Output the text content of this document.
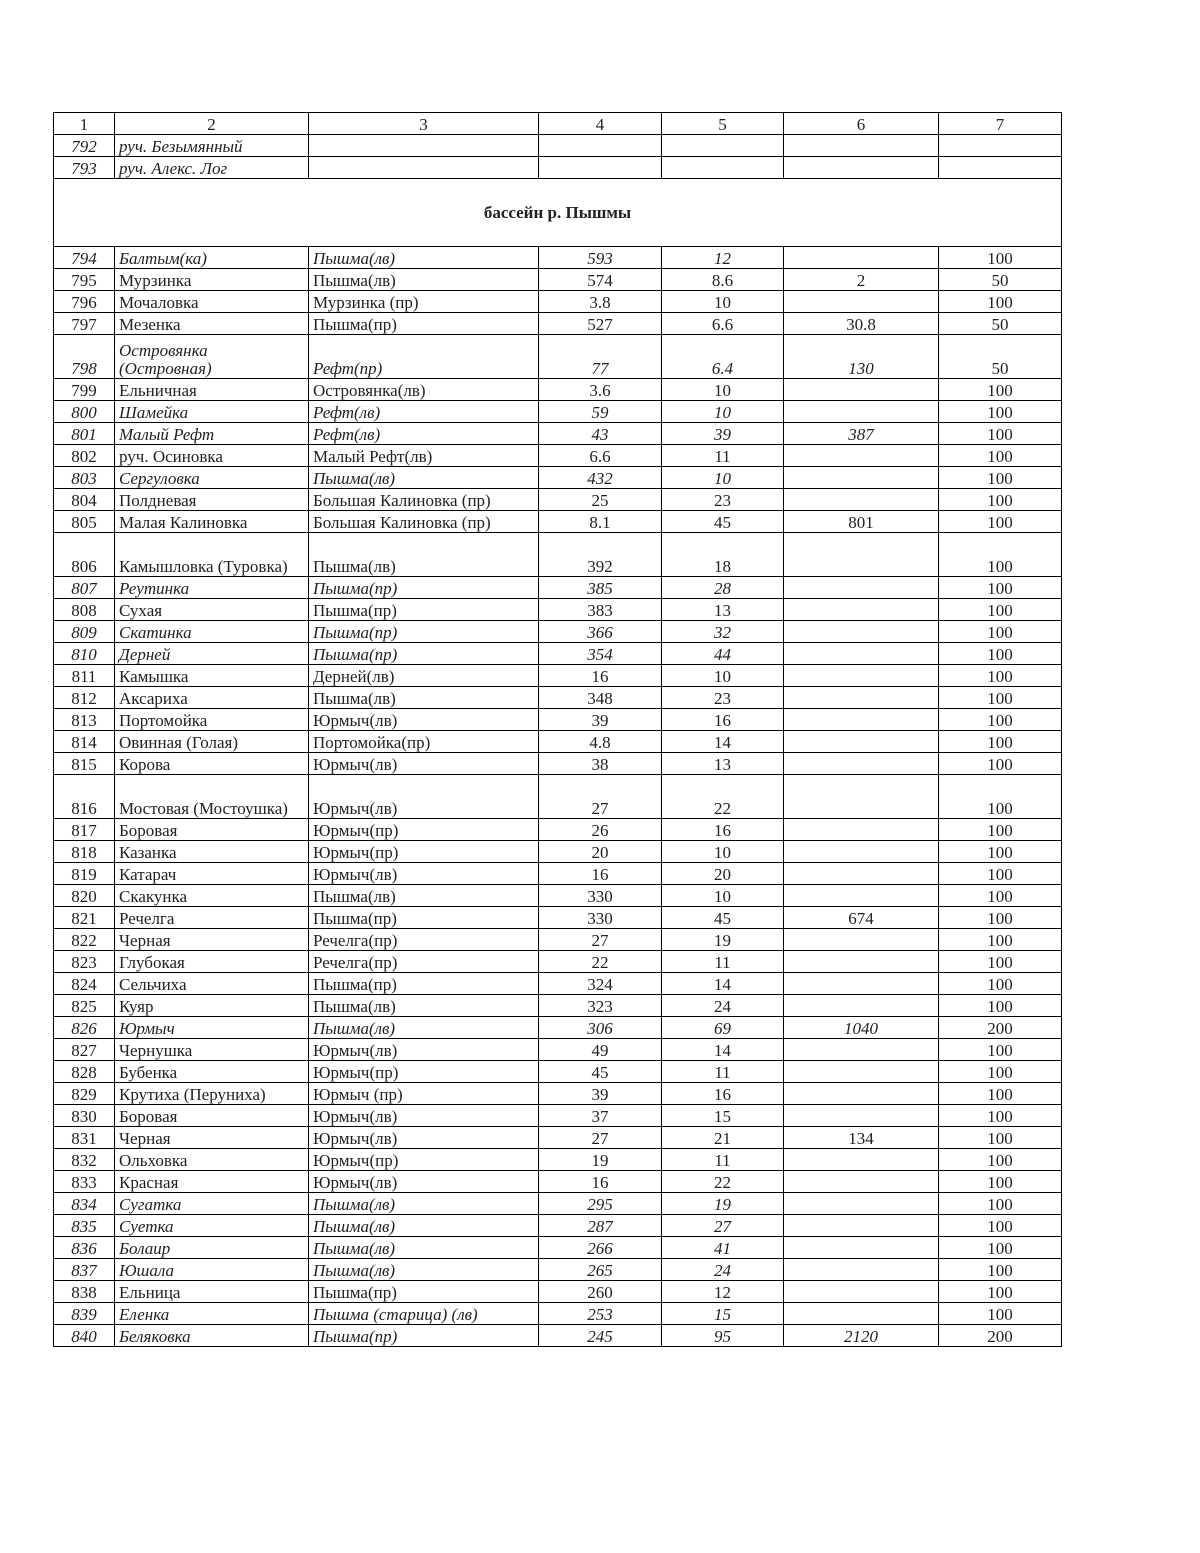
1	2	3	4	5	6	7
792	руч. Безымянный					
793	руч. Алекс. Лог					
бассейн р. Пышмы						
794	Балтым(ка)	Пышма(лв)	593	12		100
795	Мурзинка	Пышма(лв)	574	8.6	2	50
796	Мочаловка	Мурзинка (пр)	3.8	10		100
797	Мезенка	Пышма(пр)	527	6.6	30.8	50
798	Островянка (Островная)	Рефт(пр)	77	6.4	130	50
799	Ельничная	Островянка(лв)	3.6	10		100
800	Шамейка	Рефт(лв)	59	10		100
801	Малый Рефт	Рефт(лв)	43	39	387	100
802	руч. Осиновка	Малый Рефт(лв)	6.6	11		100
803	Сергуловка	Пышма(лв)	432	10		100
804	Полдневая	Большая Калиновка (пр)	25	23		100
805	Малая Калиновка	Большая Калиновка (пр)	8.1	45	801	100
806	Камышловка (Туровка)	Пышма(лв)	392	18		100
807	Реутинка	Пышма(пр)	385	28		100
808	Сухая	Пышма(пр)	383	13		100
809	Скатинка	Пышма(пр)	366	32		100
810	Дерней	Пышма(пр)	354	44		100
811	Камышка	Дерней(лв)	16	10		100
812	Аксариха	Пышма(лв)	348	23		100
813	Портомойка	Юрмыч(лв)	39	16		100
814	Овинная (Голая)	Портомойка(пр)	4.8	14		100
815	Корова	Юрмыч(лв)	38	13		100
816	Мостовая (Мостоушка)	Юрмыч(лв)	27	22		100
817	Боровая	Юрмыч(пр)	26	16		100
818	Казанка	Юрмыч(пр)	20	10		100
819	Катарач	Юрмыч(лв)	16	20		100
820	Скакунка	Пышма(лв)	330	10		100
821	Речелга	Пышма(пр)	330	45	674	100
822	Черная	Речелга(пр)	27	19		100
823	Глубокая	Речелга(пр)	22	11		100
824	Сельчиха	Пышма(пр)	324	14		100
825	Куяр	Пышма(лв)	323	24		100
826	Юрмыч	Пышма(лв)	306	69	1040	200
827	Чернушка	Юрмыч(лв)	49	14		100
828	Бубенка	Юрмыч(пр)	45	11		100
829	Крутиха (Перуниха)	Юрмыч (пр)	39	16		100
830	Боровая	Юрмыч(лв)	37	15		100
831	Черная	Юрмыч(лв)	27	21	134	100
832	Ольховка	Юрмыч(пр)	19	11		100
833	Красная	Юрмыч(лв)	16	22		100
834	Сугатка	Пышма(лв)	295	19		100
835	Суетка	Пышма(лв)	287	27		100
836	Болаир	Пышма(лв)	266	41		100
837	Юшала	Пышма(лв)	265	24		100
838	Ельница	Пышма(пр)	260	12		100
839	Еленка	Пышма (старица) (лв)	253	15		100
840	Беляковка	Пышма(пр)	245	95	2120	200
